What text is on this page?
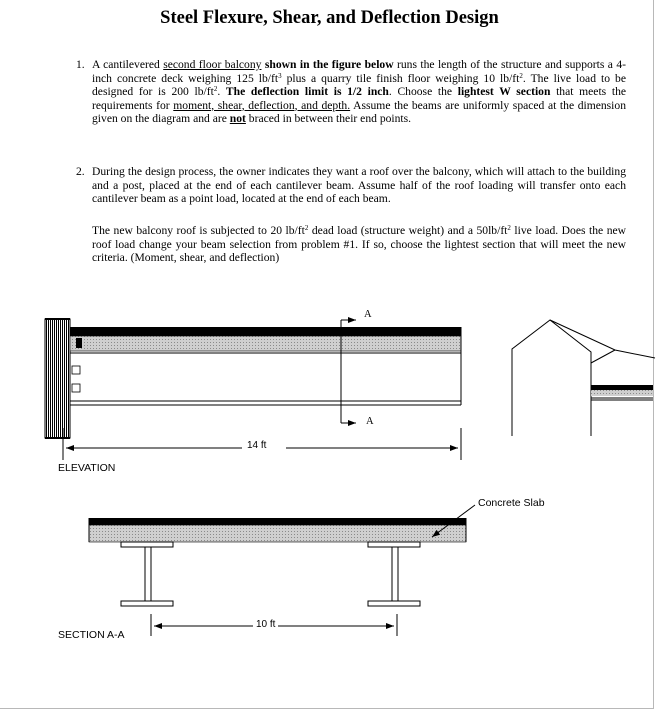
Steel Flexure, Shear, and Deflection Design
1. A cantilevered second floor balcony shown in the figure below runs the length of the structure and supports a 4-inch concrete deck weighing 125 $lb/ft^3$ plus a quarry tile finish floor weighing 10 $lb/ft^2$. The live load to be designed for is 200 $lb/ft^2$. The deflection limit is 1/2 inch. Choose the lightest W section that meets the requirements for moment, shear, deflection, and depth. Assume the beams are uniformly spaced at the dimension given on the diagram and are not braced in between their end points.
2. During the design process, the owner indicates they want a roof over the balcony, which will attach to the building and a post, placed at the end of each cantilever beam. Assume half of the roof loading will transfer onto each cantilever beam as a point load, located at the end of each beam.
The new balcony roof is subjected to 20 $lb/ft^2$ dead load (structure weight) and a $50lb/ft^2$ live load. Does the new roof load change your beam selection from problem #1. If so, choose the lightest section that will meet the new criteria. (Moment, shear, and deflection)
A
A
14 ft
ELEVATION
Concrete Slab
10 ft
SECTION A-A
